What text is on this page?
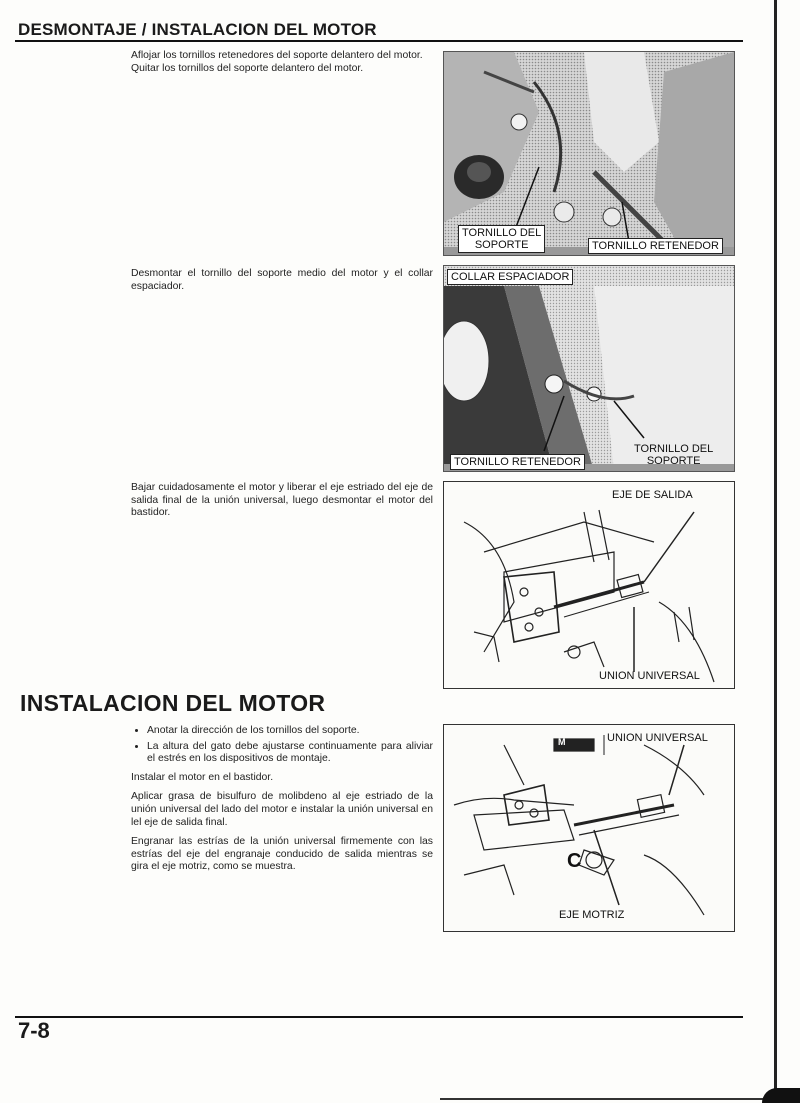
DESMONTAJE / INSTALACION DEL MOTOR
Aflojar los tornillos retenedores del soporte delantero del motor.
Quitar los tornillos del soporte delantero del motor.
TORNILLO DEL
SOPORTE	TORNILLO RETENEDOR
Desmontar el tornillo del soporte medio del motor y el collar espaciador.
COLLAR ESPACIADOR
TORNILLO RETENEDOR
TORNILLO DEL
SOPORTE
Bajar cuidadosamente el motor y liberar el eje estriado del eje de salida final de la unión universal, luego desmontar el motor del bastidor.
EJE DE SALIDA
UNION UNIVERSAL
INSTALACION DEL MOTOR
• Anotar la dirección de los tornillos del soporte.
• La altura del gato debe ajustarse continuamente para aliviar el estrés en los dispositivos de montaje.

Instalar el motor en el bastidor.

Aplicar grasa de bisulfuro de molibdeno al eje estriado de la unión universal del lado del motor e instalar la unión universal en lel eje de salida final.

Engranar las estrías de la unión universal firmemente con las estrías del eje del engranaje conducido de salida mientras se gira el eje motriz, como se muestra.

M	UNION UNIVERSAL
C
EJE MOTRIZ
7-8
